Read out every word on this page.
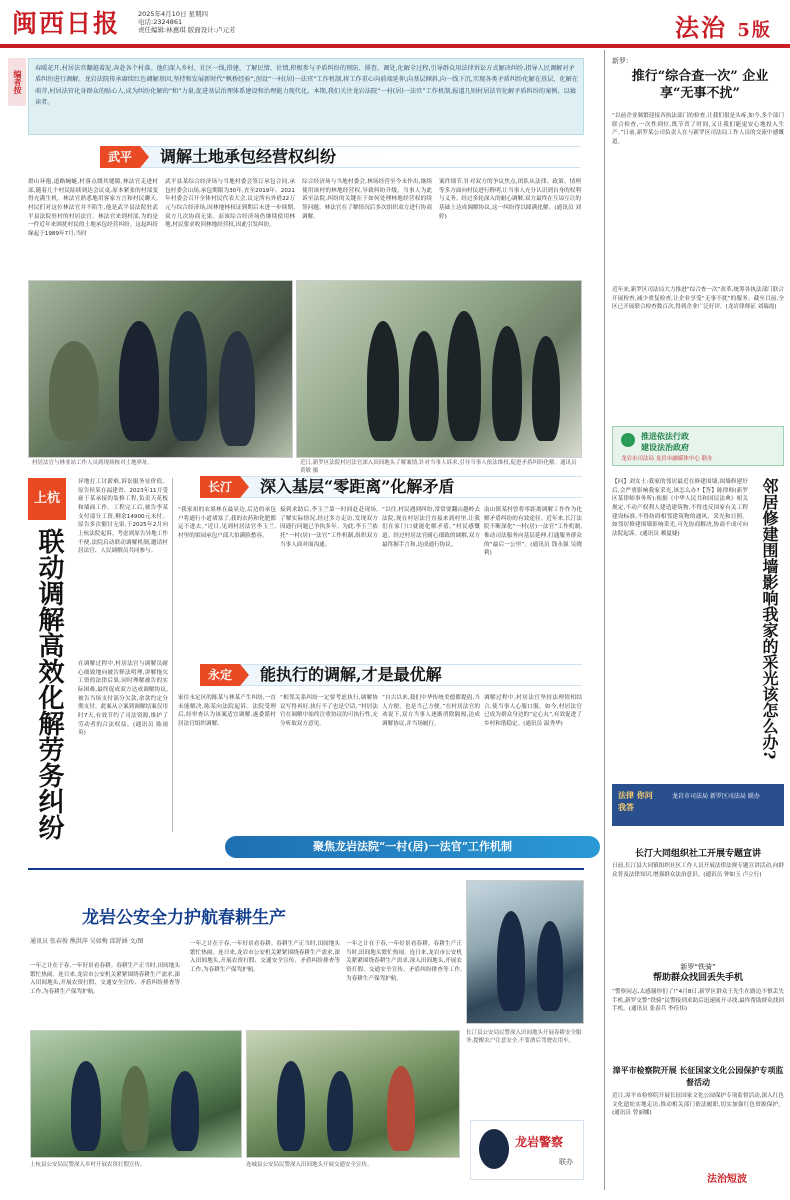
闽西日报	2025年4月10日 星期四
电话:2324861
责任编辑:林惠琪 版面设计:卢元芳	法治 5版
编者按

春暖花开,村居法官翻越着泥,奔赴各个村落。他们深入乡村、社区一线,搭建、了解民情、社情,积极参与矛盾纠纷的预防、排查、调处,化解全过程,引导群众用法律诉讼方式解决纠纷,指导人民调解对矛盾纠纷进行调解。龙岩法院传承赓续红色调解基因,坚持和发展新时代“枫桥经验”,创设“一村(居)一法官”工作机制,将工作重心向前端延伸,向基层倾斜,向一线下沉,实现各类矛盾纠纷化解在基层、化解在萌芽,村居法官化身群众的贴心人,成为纠纷化解的“和”力量,促进基层治理体系建设和治理能力现代化。本期,我们关注龙岩法院“一村(居)一法官”工作机制,报道几则村居法官化解矛盾纠纷的案例。以飨读者。

武平	调解土地承包经营权纠纷

群山环抱,道路蜿蜒,村落点缀其缝隙,林法官走进村部,随着几个村民陆续到达会议桌,原本紧张的村部变得充满生机。林法官熟悉地用客家方言和村民聊天,村民们对这位林法官并不陌生,他是武平县法院驻武平县法院驻村的村居法官。林法官来到村部,为的是一件近年来困扰村民的土地承包经营纠纷。这起纠纷缘起于1989年7月,当时

武平县某综合经济场与当地村委会签订承包合同,承包村委会山场,承包期限为30年,直至2019年。2021年村委会召开全体村民代表大会,议定所有外借22万元与综合经济场,因林地林权证到期后未进一步续期,双方几次协商无果。而该综合经济场仍继续使用林地,村民要求收回林地经营权,因此引发纠纷。

综合经济场与当地村委会,林场经营至今未作出,继续使用该村的林地经营权,导致纠纷升级。当事人为此诉至法院,纠纷的关键在于如何处理林地经营权的续签问题。林法官在了解情况后多次组织双方进行协商调解。

案件细节,针对双方的争议焦点,团队从法律、政策、情理等多方面向村民进行释明,让当事人充分认识到自身的权利与义务。经过多轮深入的耐心调解,双方最终在互谅互让的基础上达成调解协议,这一纠纷得以圆满化解。(通讯员 刘婷)

村居法官与林业站工作人员到现场核对土地界址。	近日,新罗区法院村居法官深入田间地头了解案情,针对当事人诉求,引导当事人依法维权,促进矛盾纠纷化解。通讯员 黄敏 摄
上杭
联动调解高效化解劳务纠纷

异地打工讨薪难,诉讼服务显价值。原告侯某在福建省、2023年11月受雇于某承接的装修工程,负责天花板和墙面工作。工程完工后,被告李某支付部分工资,剩余14900元未付。原告多次催讨无果,于2025年2月向上杭法院起诉。考虑到原告异地工作不便,法院启动联动调解机制,邀请村居法官、人民调解员共同参与。

在调解过程中,村居法官与调解员耐心细致地向被告释法明理,讲解拖欠工资的法律后果,同时理解被告的实际困难,最终促成双方达成调解协议,被告当场支付部分欠款,余款约定分期支付。此案从立案到调解结案仅用时7天,有效节约了司法资源,维护了劳动者的合法权益。(通讯员 陈雨英)

长汀	深入基层“零距离”化解矛盾

“我家祖的农果林在最显边,后边的承包户将通行小道堵塞了,我的农药和化肥都运不进去。”近日,见到村居法官李玉兰,村里的果园承包户邱大伯满脸愁容。

接到求助后,李玉兰第一时间赶赴现场,了解实际情况,经过多方走访,发现双方因通行问题已争执多年。为此,李玉兰依托“一村(居)一法官”工作机制,组织双方当事人面对面沟通。

“以往,村民遇到纠纷,常常要翻山越岭去法院,现在村居法官直接来到村里,让我们在家门口就能化解矛盾。”村民感慨道。经过村居法官耐心细致的调解,双方最终握手言和,达成通行协议。

南山镇某村曾将零距离调解工作作为化解矛盾纠纷的有效途径。近年来,长汀法院不断深化“一村(居)一法官”工作机制,推动司法服务向基层延伸,打通服务群众的“最后一公里”。(通讯员 钱永强 吴晓莉)

永定	能执行的调解,才是最优解

家住永定区的陈某与林某产生纠纷,一直未能解决,陈某向法院起诉。法院受理后,经审查认为该案适宜调解,遂委派村居法官组织调解。

“相邻关系纠纷一定要考虑执行,调解协议写得再好,执行不了也是空话。”村居法官在调解中始终注重协议的可执行性,充分听取双方意见。

“自古以来,我们中华传统美德都提倡,当人方便、也是当己方便。”在村居法官的劝说下,双方当事人逐渐消除隔阂,达成调解协议,并当场履行。

调解过程中,村居法官坚持法理情相结合,使当事人心服口服。如今,村居法官已成为群众身边的“定心丸”,有效促进了乡村和谐稳定。(通讯员 温秀华)

聚焦龙岩法院“一村(居)一法官”工作机制
龙岩公安全力护航春耕生产
通讯员 张春俊 熊洪萍 吴如梅 邱舒涵 文/图

一年之计在于春,一年好景看春耕。春耕生产正当时,田间地头繁忙热闹。连日来,龙岩市公安机关紧紧围绕春耕生产需求,深入田间地头,开展农资打假、交通安全宣传、矛盾纠纷排查等工作,为春耕生产保驾护航。

一年之计在于春,一年好景看春耕。春耕生产正当时,田间地头繁忙热闹。连日来,龙岩市公安机关紧紧围绕春耕生产需求,深入田间地头,开展农资打假、交通安全宣传、矛盾纠纷排查等工作,为春耕生产保驾护航。

一年之计在于春,一年好景看春耕。春耕生产正当时,田间地头繁忙热闹。连日来,龙岩市公安机关紧紧围绕春耕生产需求,深入田间地头,开展农资打假、交通安全宣传、矛盾纠纷排查等工作,为春耕生产保驾护航。

长汀县公安局民警深入田间地头开展春耕安全服务,提醒农户注意安全,不要酒后驾驶农用车。
上杭县公安局民警深入乡村开展农资打假宣传。	连城县公安局民警深入田间地头开展交通安全宣传。
龙岩警察
联办
新罗:
推行“综合查一次” 企业享“无事不扰”

“以前企业频繁迎接各执法部门的检查,让我们很是头疼,如今,多个部门联合检查,一次性到位,既节省了时间,又让我们能更安心地投入生产。”日前,新罗某公司负责人在与新罗区司法局工作人员的交流中感慨道。

近年来,新罗区司法局大力推进“综合查一次”改革,统筹各执法部门联合开展检查,减少重复检查,让企业享受“无事不扰”的服务。截至目前,全区已开展联合检查数百次,得到企业广泛好评。(龙岩律师证 刘瑞霞)

推进依法行政
建设法治政府
龙岩市司法局 龙岩市融媒体中心 联办
邻居修建围墙影响我家的采光该怎么办?

【问】刘女士:我家的邻居最近在修建围墙,围墙修建好后,会严重影响我家采光,该怎么办?【答】陈律师(新罗区某律师事务所):根据《中华人民共和国民法典》相关规定,不动产权利人建造建筑物,不得违反国家有关工程建设标准,不得妨碍相邻建筑物的通风、采光和日照。如邻居修建围墙影响采光,可先协商解决,协商不成可向法院起诉。(通讯员 赖夏婕)

法律 你问我答
龙岩市司法局 新罗区司法局 联办
长汀大同组织社工开展专题宣讲

日前,长汀县大同镇组织社区工作人员开展法律法规专题宣讲活动,向群众普及法律知识,增强群众法治意识。(通讯员 钟如玉 卢立行)

新罗“铁骑”
帮助群众找回丢失手机

“警察同志,太感谢你们了!”4月8日,新罗区群众王先生在路边不慎丢失手机,新罗交警“铁骑”民警接到求助后迅速展开寻找,最终帮助群众找回手机。(通讯员 张春兵 李佳伟)

漳平市检察院开展 长征国家文化公园保护专项监督活动

近日,漳平市检察院开展长征国家文化公园保护专项监督活动,深入红色文化遗址实地走访,推动相关部门依法履职,切实加强红色资源保护。(通讯员 曾丽娜)

法治短波
